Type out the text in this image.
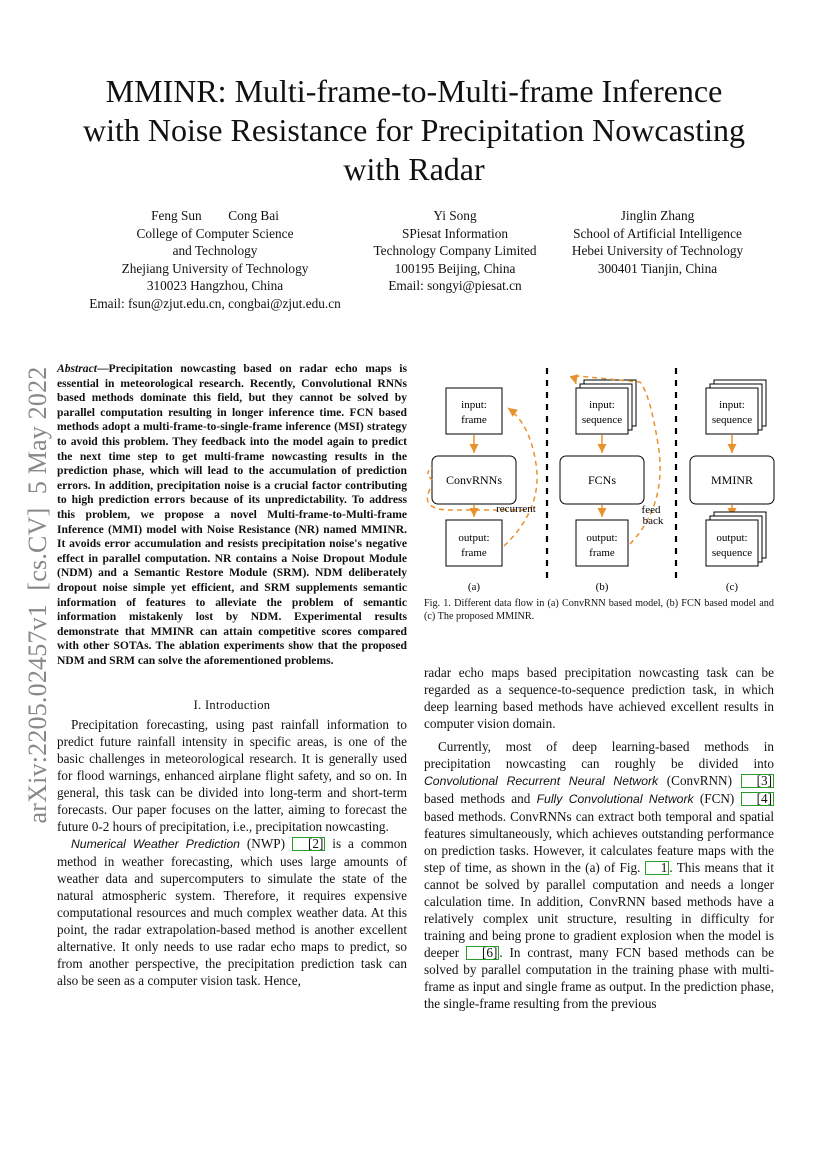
MMINR: Multi-frame-to-Multi-frame Inference
with Noise Resistance for Precipitation Nowcasting
with Radar
Feng Sun        Cong Bai
College of Computer Science
and Technology
Zhejiang University of Technology
310023 Hangzhou, China
Email: fsun@zjut.edu.cn, congbai@zjut.edu.cn
Yi Song
SPiesat Information
Technology Company Limited
100195 Beijing, China
Email: songyi@piesat.cn
Jinglin Zhang
School of Artificial Intelligence
Hebei University of Technology
300401 Tianjin, China
arXiv:2205.02457v1  [cs.CV]  5 May 2022 Abstract—Precipitation nowcasting based on radar echo maps is essential in meteorological research. Recently, Convolutional RNNs based methods dominate this field, but they cannot be solved by parallel computation resulting in longer inference time. FCN based methods adopt a multi-frame-to-single-frame inference (MSI) strategy to avoid this problem. They feedback into the model again to predict the next time step to get multi-frame nowcasting results in the prediction phase, which will lead to the accumulation of prediction errors. In addition, precipitation noise is a crucial factor contributing to high prediction errors because of its unpredictability. To address this problem, we propose a novel Multi-frame-to-Multi-frame Inference (MMI) model with Noise Resistance (NR) named MMINR. It avoids error accumulation and resists precipitation noise's negative effect in parallel computation. NR contains a Noise Dropout Module (NDM) and a Semantic Restore Module (SRM). NDM deliberately dropout noise simple yet efficient, and SRM supplements semantic information of features to alleviate the problem of semantic information mistakenly lost by NDM. Experimental results demonstrate that MMINR can attain competitive scores compared with other SOTAs. The ablation experiments show that the proposed NDM and SRM can solve the aforementioned problems.
I. Introduction

Precipitation forecasting, using past rainfall information to predict future rainfall intensity in specific areas, is one of the basic challenges in meteorological research. It is generally used for flood warnings, enhanced airplane flight safety, and so on. In general, this task can be divided into long-term and short-term forecasts. Our paper focuses on the latter, aiming to forecast the future 0-2 hours of precipitation, i.e., precipitation nowcasting.

Numerical Weather Prediction (NWP) [2] is a common method in weather forecasting, which uses large amounts of weather data and supercomputers to simulate the state of the natural atmospheric system. Therefore, it requires expensive computational resources and much complex weather data. At this point, the radar extrapolation-based method is another excellent alternative. It only needs to use radar echo maps to predict, so from another perspective, the precipitation prediction task can also be seen as a computer vision task. Hence,

input:
frame
ConvRNNs
output:
frame
recurrent
(a)
input:
sequence
FCNs
output:
frame
feed
back
(b)
input:
sequence
MMINR
output:
sequence
(c)
Fig. 1. Different data flow in (a) ConvRNN based model, (b) FCN based model and (c) The proposed MMINR.

radar echo maps based precipitation nowcasting task can be regarded as a sequence-to-sequence prediction task, in which deep learning based methods have achieved excellent results in computer vision domain.

Currently, most of deep learning-based methods in precipitation nowcasting can roughly be divided into Convolutional Recurrent Neural Network (ConvRNN) [3] based methods and Fully Convolutional Network (FCN) [4] based methods. ConvRNNs can extract both temporal and spatial features simultaneously, which achieves outstanding performance on prediction tasks. However, it calculates feature maps with the step of time, as shown in the (a) of Fig. 1 . This means that it cannot be solved by parallel computation and needs a longer calculation time. In addition, ConvRNN based methods have a relatively complex unit structure, resulting in difficulty for training and being prone to gradient explosion when the model is deeper [6] . In contrast, many FCN based methods can be solved by parallel computation in the training phase with multi-frame as input and single frame as output. In the prediction phase, the single-frame resulting from the previous
